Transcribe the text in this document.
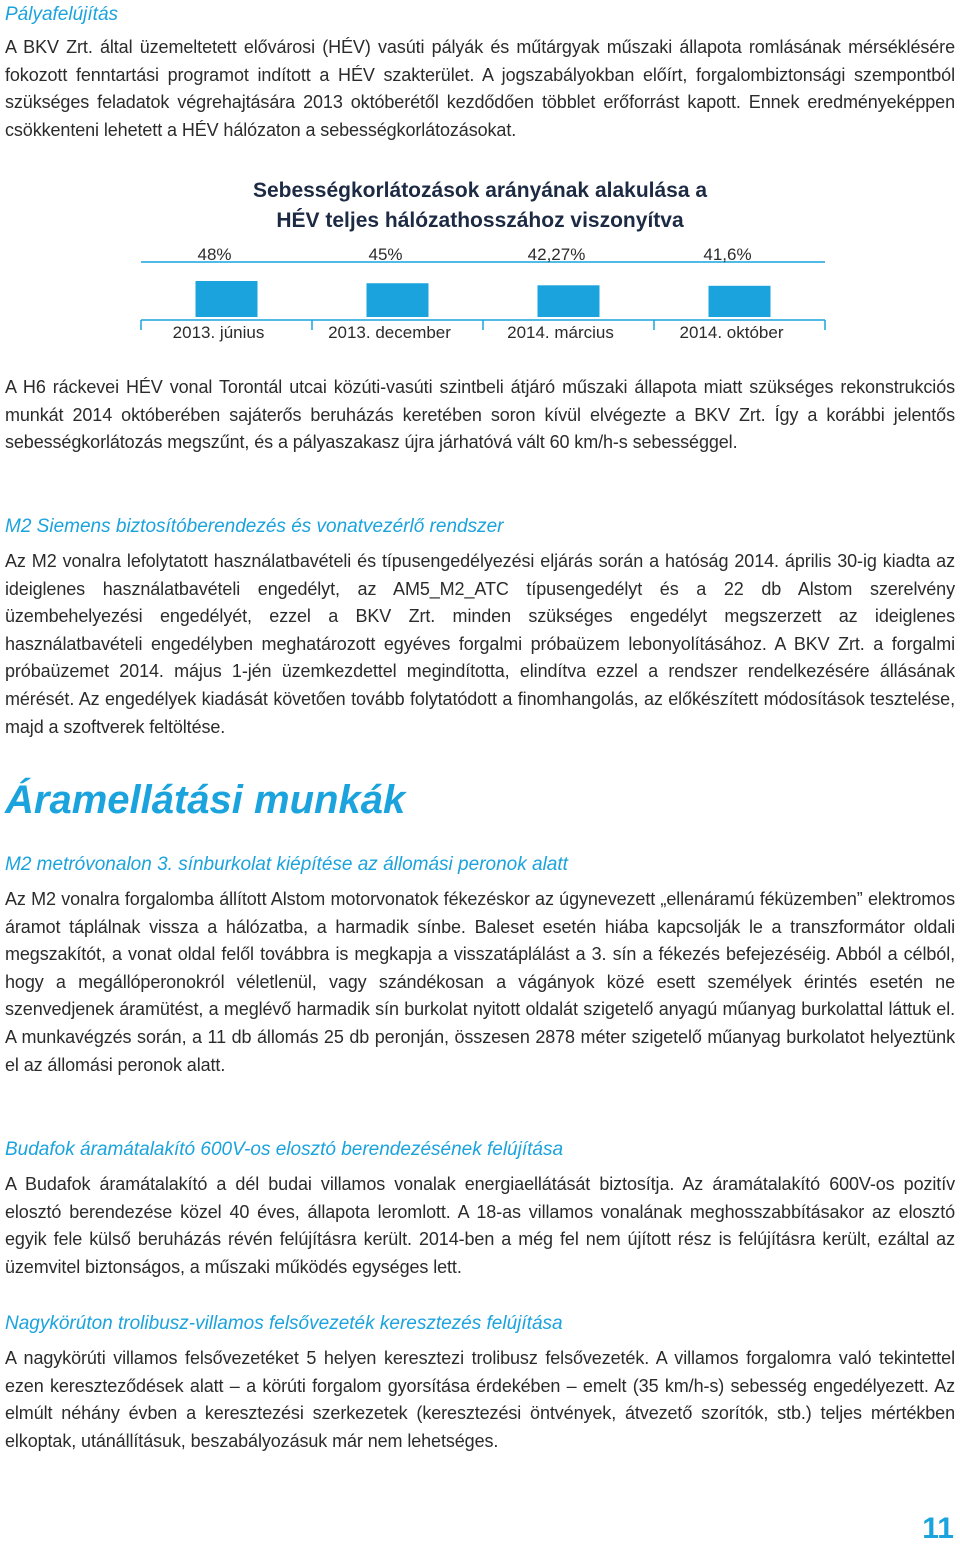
Pályafelújítás

A BKV Zrt. által üzemeltetett elővárosi (HÉV) vasúti pályák és műtárgyak műszaki állapota romlásának mérséklésére fokozott fenntartási programot indított a HÉV szakterület. A jogszabályokban előírt, forgalombiztonsági szempontból szükséges feladatok végrehajtására 2013 októberétől kezdődően többlet erőforrást kapott. Ennek eredményeképpen csökkenteni lehetett a HÉV hálózaton a sebességkorlátozásokat.

Sebességkorlátozások arányának alakulása a
HÉV teljes hálózathosszához viszonyítva
48%
2013. június
45%
2013. december
42,27%
2014. március
41,6%
2014. október

A H6 ráckevei HÉV vonal Torontál utcai közúti-vasúti szintbeli átjáró műszaki állapota miatt szükséges rekonstrukciós munkát 2014 októberében sajáterős beruházás keretében soron kívül elvégezte a BKV Zrt. Így a korábbi jelentős sebességkorlátozás megszűnt, és a pályaszakasz újra járhatóvá vált 60 km/h-s sebességgel.

M2 Siemens biztosítóberendezés és vonatvezérlő rendszer

Az M2 vonalra lefolytatott használatbavételi és típusengedélyezési eljárás során a hatóság 2014. április 30-ig kiadta az ideiglenes használatbavételi engedélyt, az AM5_M2_ATC típusengedélyt és a 22 db Alstom szerelvény üzembehelyezési engedélyét, ezzel a BKV Zrt. minden szükséges engedélyt megszerzett az ideiglenes használatbavételi engedélyben meghatározott egyéves forgalmi próbaüzem lebonyolításához. A BKV Zrt. a forgalmi próbaüzemet 2014. május 1-jén üzemkezdettel megindította, elindítva ezzel a rendszer rendelkezésére állásának mérését. Az engedélyek kiadását követően tovább folytatódott a finomhangolás, az előkészített módosítások tesztelése, majd a szoftverek feltöltése.

Áramellátási munkák

M2 metróvonalon 3. sínburkolat kiépítése az állomási peronok alatt

Az M2 vonalra forgalomba állított Alstom motorvonatok fékezéskor az úgynevezett „ellenáramú féküzemben” elektromos áramot táplálnak vissza a hálózatba, a harmadik sínbe. Baleset esetén hiába kapcsolják le a transzformátor oldali megszakítót, a vonat oldal felől továbbra is megkapja a visszatáplálást a 3. sín a fékezés befejezéséig. Abból a célból, hogy a megállóperonokról véletlenül, vagy szándékosan a vágányok közé esett személyek érintés esetén ne szenvedjenek áramütést, a meglévő harmadik sín burkolat nyitott oldalát szigetelő anyagú műanyag burkolattal láttuk el. A munkavégzés során, a 11 db állomás 25 db peronján, összesen 2878 méter szigetelő műanyag burkolatot helyeztünk el az állomási peronok alatt.

Budafok áramátalakító 600V-os elosztó berendezésének felújítása

A Budafok áramátalakító a dél budai villamos vonalak energiaellátását biztosítja. Az áramátalakító 600V-os pozitív elosztó berendezése közel 40 éves, állapota leromlott. A 18-as villamos vonalának meghosszabbításakor az elosztó egyik fele külső beruházás révén felújításra került. 2014-ben a még fel nem újított rész is felújításra került, ezáltal az üzemvitel biztonságos, a műszaki működés egységes lett.

Nagykörúton trolibusz-villamos felsővezeték keresztezés felújítása

A nagykörúti villamos felsővezetéket 5 helyen keresztezi trolibusz felsővezeték. A villamos forgalomra való tekintettel ezen kereszteződések alatt – a körúti forgalom gyorsítása érdekében – emelt (35 km/h-s) sebesség engedélyezett. Az elmúlt néhány évben a keresztezési szerkezetek (keresztezési öntvények, átvezető szorítók, stb.) teljes mértékben elkoptak, utánállításuk, beszabályozásuk már nem lehetséges.

11
